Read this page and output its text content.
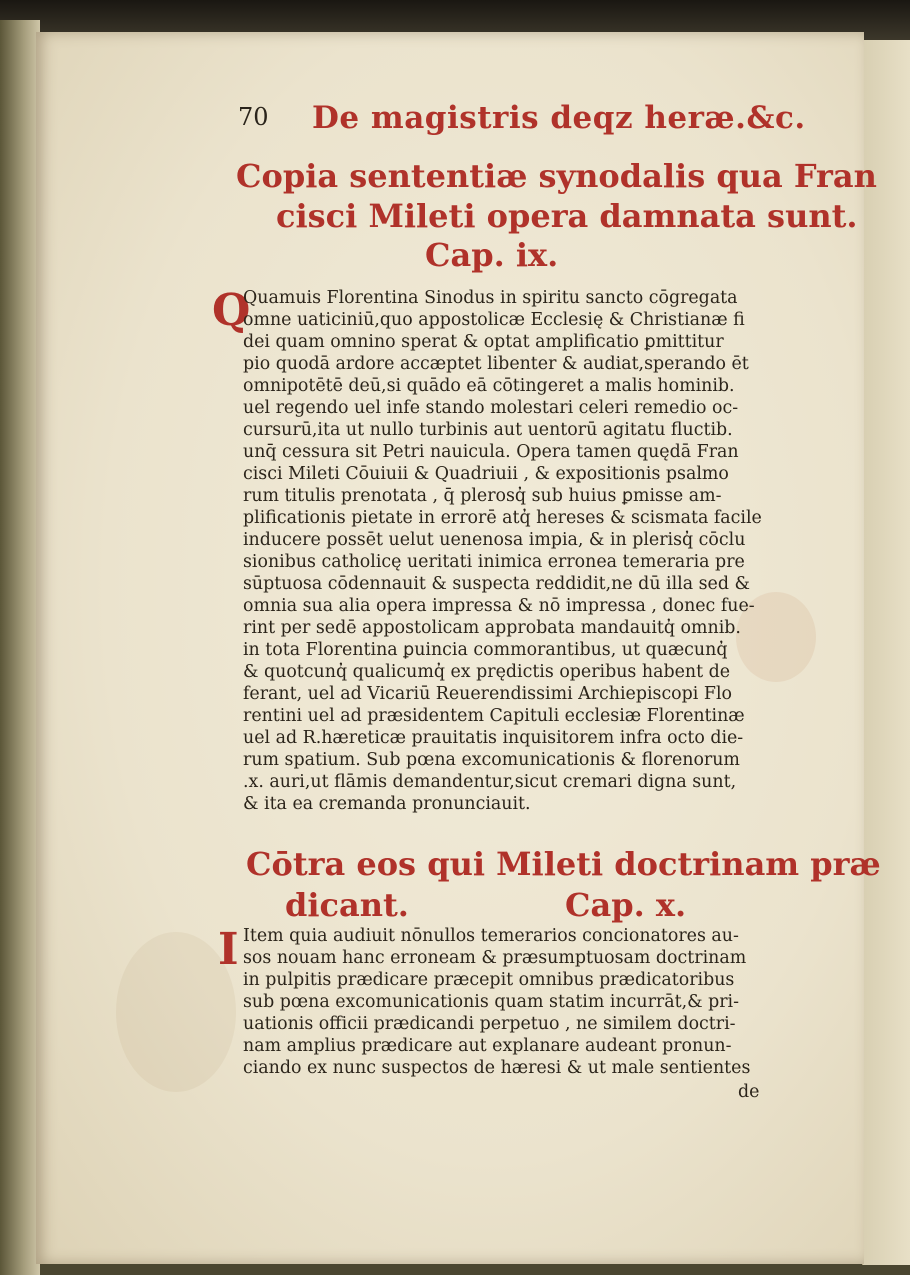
70 De magistris deqz heræ.&c.
Copia sententiæ synodalis qua Fran
cisci Mileti opera damnata sunt.
Cap. ix.
Q
Quamuis Florentina Sinodus in spiritu sancto cōgregata
omne uaticiniū,quo appostolicæ Ecclesię & Christianæ fi
dei quam omnino sperat & optat amplificatio ꝑmittitur
pio quodā ardore accæptet libenter & audiat,sperando ēt
omnipotētē deū,si quādo eā cōtingeret a malis hominib.
uel regendo uel infe stando molestari celeri remedio oc-
cursurū,ita ut nullo turbinis aut uentorū agitatu fluctib.
unq̄ cessura sit Petri nauicula. Opera tamen quędā Fran
cisci Mileti Cōuiuii & Quadriuii , & expositionis psalmo
rum titulis prenotata , q̄ plerosq̓ sub huius ꝑmisse am-
plificationis pietate in errorē atq̓ hereses & scismata facile
inducere possēt uelut uenenosa impia, & in plerisq̓ cōclu
sionibus catholicę ueritati inimica erronea temeraria pre
sūptuosa cōdennauit & suspecta reddidit,ne dū illa sed &
omnia sua alia opera impressa & nō impressa , donec fue-
rint per sedē appostolicam approbata mandauitq̓ omnib.
in tota Florentina ꝑuincia commorantibus, ut quæcunq̓
& quotcunq̓ qualicumq̓ ex prędictis operibus habent de
ferant, uel ad Vicariū Reuerendissimi Archiepiscopi Flo
rentini uel ad præsidentem Capituli ecclesiæ Florentinæ
uel ad R.hæreticæ prauitatis inquisitorem infra octo die-
rum spatium. Sub pœna excomunicationis & florenorum
.x. auri,ut flāmis demandentur,sicut cremari digna sunt,
& ita ea cremanda pronunciauit.
Cōtra eos qui Mileti doctrinam præ
dicant.	Cap. x.
I Item quia audiuit nōnullos temerarios concionatores au-
sos nouam hanc erroneam & præsumptuosam doctrinam
in pulpitis prædicare præcepit omnibus prædicatoribus
sub pœna excomunicationis quam statim incurrāt,& pri-
uationis officii prædicandi perpetuo , ne similem doctri-
nam amplius prædicare aut explanare audeant pronun-
ciando ex nunc suspectos de hæresi & ut male sentientes
de
